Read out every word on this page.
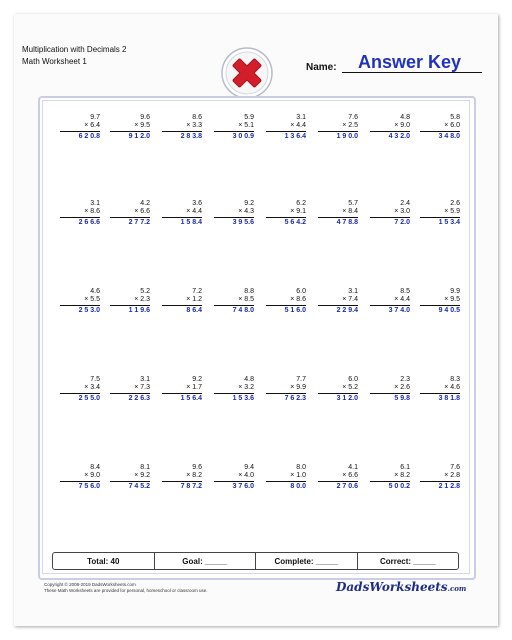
Multiplication with Decimals 2
Math Worksheet 1
Name: Answer Key
9.7
× 6.4
6 2 0.8
9.6
× 9.5
9 1 2.0
8.6
× 3.3
2 8 3.8
5.9
× 5.1
3 0 0.9
3.1
× 4.4
1 3 6.4
7.6
× 2.5
1 9 0.0
4.8
× 9.0
4 3 2.0
5.8
× 6.0
3 4 8.0
3.1
× 8.6
2 6 6.6
4.2
× 6.6
2 7 7.2
3.6
× 4.4
1 5 8.4
9.2
× 4.3
3 9 5.6
6.2
× 9.1
5 6 4.2
5.7
× 8.4
4 7 8.8
2.4
× 3.0
7 2.0
2.6
× 5.9
1 5 3.4
4.6
× 5.5
2 5 3.0
5.2
× 2.3
1 1 9.6
7.2
× 1.2
8 6.4
8.8
× 8.5
7 4 8.0
6.0
× 8.6
5 1 6.0
3.1
× 7.4
2 2 9.4
8.5
× 4.4
3 7 4.0
9.9
× 9.5
9 4 0.5
7.5
× 3.4
2 5 5.0
3.1
× 7.3
2 2 6.3
9.2
× 1.7
1 5 6.4
4.8
× 3.2
1 5 3.6
7.7
× 9.9
7 6 2.3
6.0
× 5.2
3 1 2.0
2.3
× 2.6
5 9.8
8.3
× 4.6
3 8 1.8
8.4
× 9.0
7 5 6.0
8.1
× 9.2
7 4 5.2
9.6
× 8.2
7 8 7.2
9.4
× 4.0
3 7 6.0
8.0
× 1.0
8 0.0
4.1
× 6.6
2 7 0.6
6.1
× 8.2
5 0 0.2
7.6
× 2.8
2 1 2.8
Total: 40	Goal: _____	Complete: _____	Correct: _____
Copyright © 2008-2019 DadsWorksheets.com
These Math Worksheets are provided for personal, homeschool or classroom use.	DadsWorksheets.com
